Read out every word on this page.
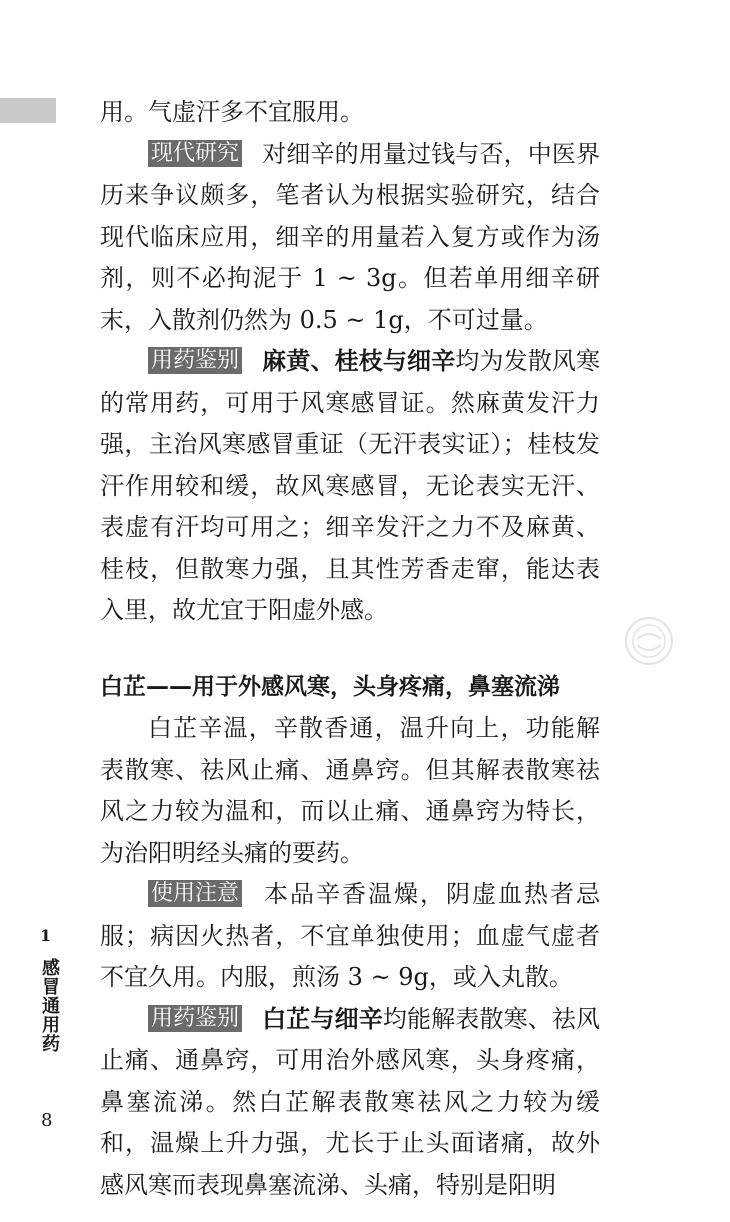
用。气虚汗多不宜服用。

现代研究 对细辛的用量过钱与否，中医界历来争议颇多，笔者认为根据实验研究，结合现代临床应用，细辛的用量若入复方或作为汤剂，则不必拘泥于 1 ~ 3g。但若单用细辛研末，入散剂仍然为 0.5 ~ 1g，不可过量。

用药鉴别 麻黄、桂枝与细辛均为发散风寒的常用药，可用于风寒感冒证。然麻黄发汗力强，主治风寒感冒重证（无汗表实证）；桂枝发汗作用较和缓，故风寒感冒，无论表实无汗、表虚有汗均可用之；细辛发汗之力不及麻黄、桂枝，但散寒力强，且其性芳香走窜，能达表入里，故尤宜于阳虚外感。

白芷——用于外感风寒，头身疼痛，鼻塞流涕

白芷辛温，辛散香通，温升向上，功能解表散寒、祛风止痛、通鼻窍。但其解表散寒祛风之力较为温和，而以止痛、通鼻窍为特长，为治阳明经头痛的要药。

使用注意 本品辛香温燥，阴虚血热者忌服；病因火热者，不宜单独使用；血虚气虚者不宜久用。内服，煎汤 3 ~ 9g，或入丸散。

用药鉴别 白芷与细辛均能解表散寒、祛风止痛、通鼻窍，可用治外感风寒，头身疼痛，鼻塞流涕。然白芷解表散寒祛风之力较为缓和，温燥上升力强，尤长于止头面诸痛，故外感风寒而表现鼻塞流涕、头痛，特别是阳明

1
感冒通用药
8
